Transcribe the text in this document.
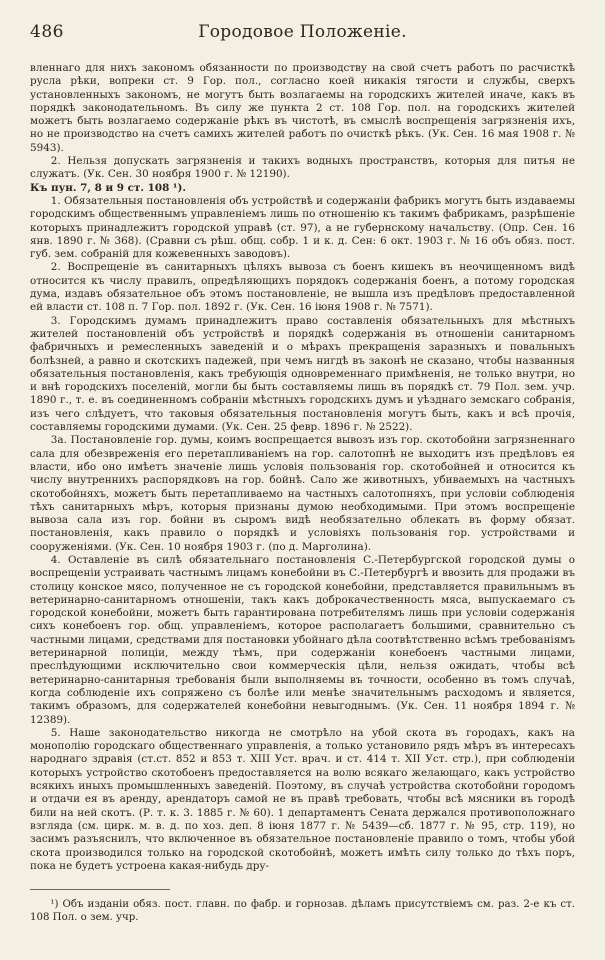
486	Городовое Положеніе.

вленнаго для нихъ закономъ обязанности по производству на свой счетъ работъ по расчисткѣ русла рѣки, вопреки ст. 9 Гор. пол., согласно коей никакія тягости и службы, сверхъ установленныхъ закономъ, не могутъ быть возлагаемы на городскихъ жителей иначе, какъ въ порядкѣ законодательномъ. Въ силу же пункта 2 ст. 108 Гор. пол. на городскихъ жителей можетъ быть возлагаемо содержаніе рѣкъ въ чистотѣ, въ смыслѣ воспрещенія загрязненія ихъ, но не производство на счетъ самихъ жителей работъ по очисткѣ рѣкъ. (Ук. Сен. 16 мая 1908 г. № 5943).

2. Нельзя допускать загрязненія и такихъ водныхъ пространствъ, которыя для питья не служатъ. (Ук. Сен. 30 ноября 1900 г. № 12190).

Къ пун. 7, 8 и 9 ст. 108 ¹).

1. Обязательныя постановленія объ устройствѣ и содержаніи фабрикъ могутъ быть издаваемы городскимъ общественнымъ управленіемъ лишь по отношенію къ такимъ фабрикамъ, разрѣшеніе которыхъ принадлежитъ городской управѣ (ст. 97), а не губернскому начальству. (Опр. Сен. 16 янв. 1890 г. № 368). (Сравни съ рѣш. общ. собр. 1 и к. д. Сен: 6 окт. 1903 г. № 16 объ обяз. пост. губ. зем. собраній для кожевенныхъ заводовъ).

2. Воспрещеніе въ санитарныхъ цѣляхъ вывоза съ боенъ кишекъ въ неочищенномъ видѣ относится къ числу правилъ, опредѣляющихъ порядокъ содержанія боенъ, а потому городская дума, издавъ обязательное объ этомъ постановленіе, не вышла изъ предѣловъ предоставленной ей власти ст. 108 п. 7 Гор. пол. 1892 г. (Ук. Сен. 16 іюня 1908 г. № 7571).

3. Городскимъ думамъ принадлежитъ право составленія обязательныхъ для мѣстныхъ жителей постановленій объ устройствѣ и порядкѣ содержанія въ отношеніи санитарномъ фабричныхъ и ремесленныхъ заведеній и о мѣрахъ прекращенія заразныхъ и повальныхъ болѣзней, а равно и скотскихъ падежей, при чемъ нигдѣ въ законѣ не сказано, чтобы названныя обязательныя постановленія, какъ требующія одновременнаго примѣненія, не только внутри, но и внѣ городскихъ поселеній, могли бы быть составляемы лишь въ порядкѣ ст. 79 Пол. зем. учр. 1890 г., т. е. въ соединенномъ собраніи мѣстныхъ городскихъ думъ и уѣзднаго земскаго собранія, изъ чего слѣдуетъ, что таковыя обязательныя постановленія могутъ быть, какъ и всѣ прочія, составляемы городскими думами. (Ук. Сен. 25 февр. 1896 г. № 2522).

3а. Постановленіе гор. думы, коимъ воспрещается вывозъ изъ гор. скотобойни загрязненнаго сала для обезвреженія его перетапливаніемъ на гор. салотопнѣ не выходитъ изъ предѣловъ ея власти, ибо оно имѣетъ значеніе лишь условія пользованія гор. скотобойней и относится къ числу внутреннихъ распорядковъ на гор. бойнѣ. Сало же животныхъ, убиваемыхъ на частныхъ скотобойняхъ, можетъ быть перетапливаемо на частныхъ салотопняхъ, при условіи соблюденія тѣхъ санитарныхъ мѣръ, которыя признаны думою необходимыми. При этомъ воспрещеніе вывоза сала изъ гор. бойни въ сыромъ видѣ необязательно облекать въ форму обязат. постановленія, какъ правило о порядкѣ и условіяхъ пользованія гор. устройствами и сооруженіями. (Ук. Сен. 10 ноября 1903 г. (по д. Марголина).

4. Оставленіе въ силѣ обязательнаго постановленія С.-Петербургской городской думы о воспрещеніи устраивать частнымъ лицамъ конебойни въ С.-Петербургѣ и ввозить для продажи въ столицу конское мясо, полученное не съ городской конебойни, представляется правильнымъ въ ветеринарно-санитарномъ отношеніи, такъ какъ доброкачественность мяса, выпускаемаго съ городской конебойни, можетъ быть гарантирована потребителямъ лишь при условіи содержанія сихъ конебоенъ гор. общ. управленіемъ, которое располагаетъ большими, сравнительно съ частными лицами, средствами для постановки убойнаго дѣла соотвѣтственно всѣмъ требованіямъ ветеринарной полиціи, между тѣмъ, при содержаніи конебоенъ частными лицами, преслѣдующими исключительно свои коммерческія цѣли, нельзя ожидать, чтобы всѣ ветеринарно-санитарныя требованія были выполняемы въ точности, особенно въ томъ случаѣ, когда соблюденіе ихъ сопряжено съ болѣе или менѣе значительнымъ расходомъ и является, такимъ образомъ, для содержателей конебойни невыгоднымъ. (Ук. Сен. 11 ноября 1894 г. № 12389).

5. Наше законодательство никогда не смотрѣло на убой скота въ городахъ, какъ на монополію городскаго общественнаго управленія, а только установило рядъ мѣръ въ интересахъ народнаго здравія (ст.ст. 852 и 853 т. XIII Уст. врач. и ст. 414 т. XII Уст. стр.), при соблюденіи которыхъ устройство скотобоенъ предоставляется на волю всякаго желающаго, какъ устройство всякихъ иныхъ промышленныхъ заведеній. Поэтому, въ случаѣ устройства скотобойни городомъ и отдачи ея въ аренду, арендаторъ самой не въ правѣ требовать, чтобы всѣ мясники въ городѣ били на ней скотъ. (Р. т. к. 3. 1885 г. № 60). 1 департаментъ Сената держался противоположнаго взгляда (см. цирк. м. в. д. по хоз. деп. 8 іюня 1877 г. № 5439—сб. 1877 г. № 95, стр. 119), но засимъ разъяснилъ, что включенное въ обязательное постановленіе правило о томъ, чтобы убой скота производился только на городской скотобойнѣ, можетъ имѣть силу только до тѣхъ поръ, пока не будетъ устроена какая-нибудь дру-

¹) Объ изданіи обяз. пост. главн. по фабр. и горнозав. дѣламъ присутствіемъ см. раз. 2-е къ ст. 108 Пол. о зем. учр.
